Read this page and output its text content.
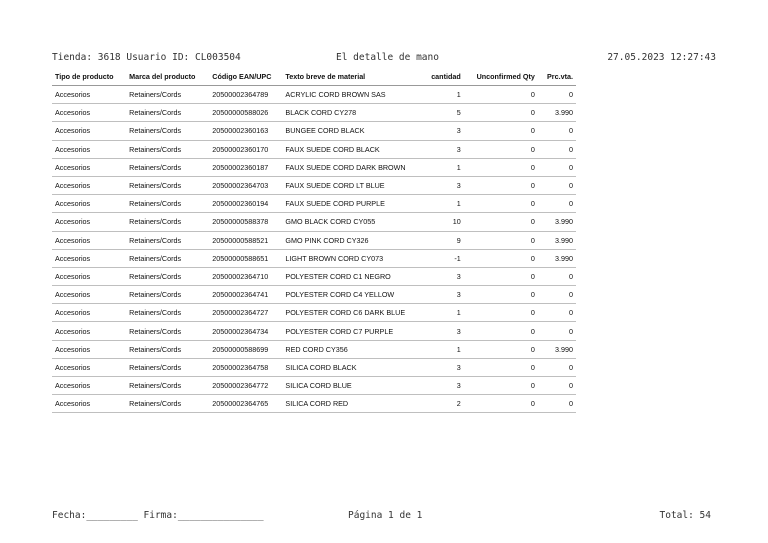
Tienda: 3618 Usuario ID: CL003504	El detalle de mano	27.05.2023 12:27:43
Tipo de producto	Marca del producto	Código EAN/UPC	Texto breve de material	cantidad	Unconfirmed Qty	Prc.vta.
Accesorios	Retainers/Cords	20500002364789	ACRYLIC CORD BROWN SAS	1	0	0
Accesorios	Retainers/Cords	20500000588026	BLACK CORD CY278	5	0	3.990
Accesorios	Retainers/Cords	20500002360163	BUNGEE CORD BLACK	3	0	0
Accesorios	Retainers/Cords	20500002360170	FAUX SUEDE CORD BLACK	3	0	0
Accesorios	Retainers/Cords	20500002360187	FAUX SUEDE CORD DARK BROWN	1	0	0
Accesorios	Retainers/Cords	20500002364703	FAUX SUEDE CORD LT BLUE	3	0	0
Accesorios	Retainers/Cords	20500002360194	FAUX SUEDE CORD PURPLE	1	0	0
Accesorios	Retainers/Cords	20500000588378	GMO BLACK CORD CY055	10	0	3.990
Accesorios	Retainers/Cords	20500000588521	GMO PINK CORD CY326	9	0	3.990
Accesorios	Retainers/Cords	20500000588651	LIGHT BROWN CORD CY073	-1	0	3.990
Accesorios	Retainers/Cords	20500002364710	POLYESTER CORD C1 NEGRO	3	0	0
Accesorios	Retainers/Cords	20500002364741	POLYESTER CORD C4 YELLOW	3	0	0
Accesorios	Retainers/Cords	20500002364727	POLYESTER CORD C6 DARK BLUE	1	0	0
Accesorios	Retainers/Cords	20500002364734	POLYESTER CORD C7 PURPLE	3	0	0
Accesorios	Retainers/Cords	20500000588699	RED CORD CY356	1	0	3.990
Accesorios	Retainers/Cords	20500002364758	SILICA CORD BLACK	3	0	0
Accesorios	Retainers/Cords	20500002364772	SILICA CORD BLUE	3	0	0
Accesorios	Retainers/Cords	20500002364765	SILICA CORD RED	2	0	0
Fecha:_________ Firma:_______________	Página 1 de 1	Total: 54
